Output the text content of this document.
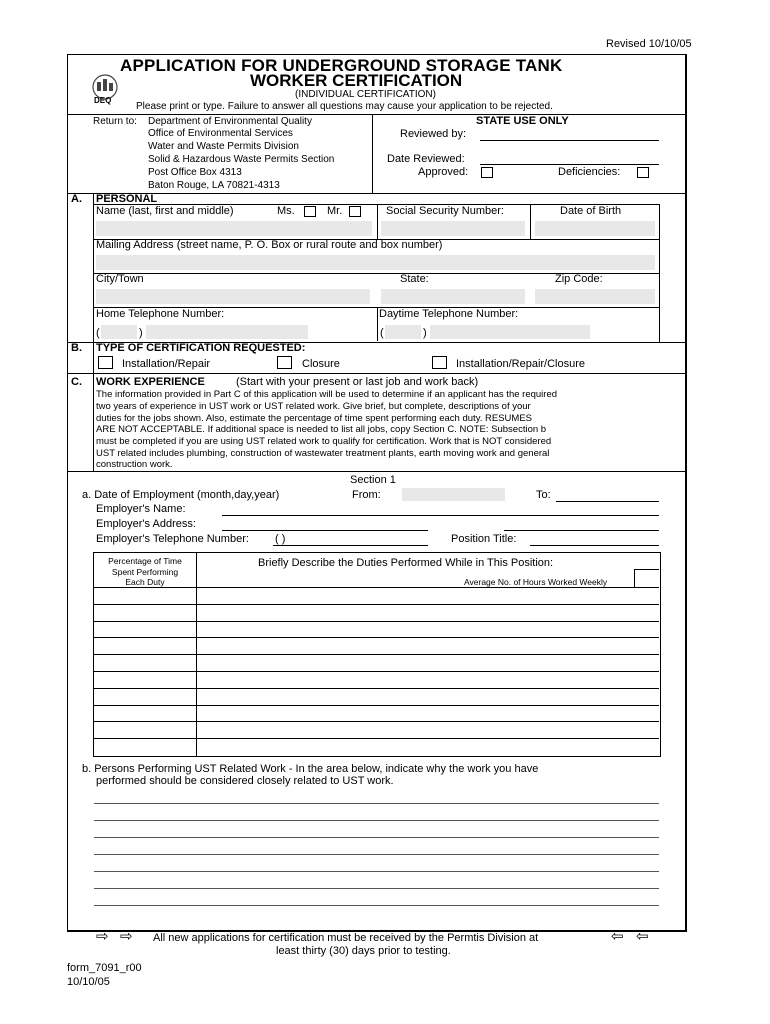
Revised 10/10/05
APPLICATION FOR UNDERGROUND STORAGE TANK
WORKER CERTIFICATION
(INDIVIDUAL CERTIFICATION)
Please print or type. Failure to answer all questions may cause your application to be rejected.
DEQ
Return to: Department of Environmental Quality
Office of Environmental Services
Water and Waste Permits Division
Solid & Hazardous Waste Permits Section
Post Office Box 4313
Baton Rouge, LA 70821-4313
STATE USE ONLY
Reviewed by:
Date Reviewed:
Approved:	Deficiencies:
A. PERSONAL
Name (last, first and middle)	Ms.	Mr.	Social Security Number:	Date of Birth
Mailing Address (street name, P. O. Box or rural route and box number)
City/Town	State:	Zip Code:
Home Telephone Number:	Daytime Telephone Number:
(	)	(	)
B. TYPE OF CERTIFICATION REQUESTED:
Installation/Repair	Closure	Installation/Repair/Closure
C. WORK EXPERIENCE	(Start with your present or last job and work back)
The information provided in Part C of this application will be used to determine if an applicant has the required
two years of experience in UST work or UST related work. Give brief, but complete, descriptions of your
duties for the jobs shown. Also, estimate the percentage of time spent performing each duty. RESUMES
ARE NOT ACCEPTABLE. If additional space is needed to list all jobs, copy Section C. NOTE: Subsection b
must be completed if you are using UST related work to qualify for certification. Work that is NOT considered
UST related includes plumbing, construction of wastewater treatment plants, earth moving work and general
construction work.
Section 1
a. Date of Employment (month,day,year)	From:	To:
Employer's Name:
Employer's Address:
Employer's Telephone Number: ( )	Position Title:
Percentage of Time
Spent Performing
Each Duty
Briefly Describe the Duties Performed While in This Position:
Average No. of Hours Worked Weekly
b. Persons Performing UST Related Work - In the area below, indicate why the work you have
performed should be considered closely related to UST work.
⇨ ⇨ All new applications for certification must be received by the Permtis Division at	⇦ ⇦
least thirty (30) days prior to testing.
form_7091_r00
10/10/05
